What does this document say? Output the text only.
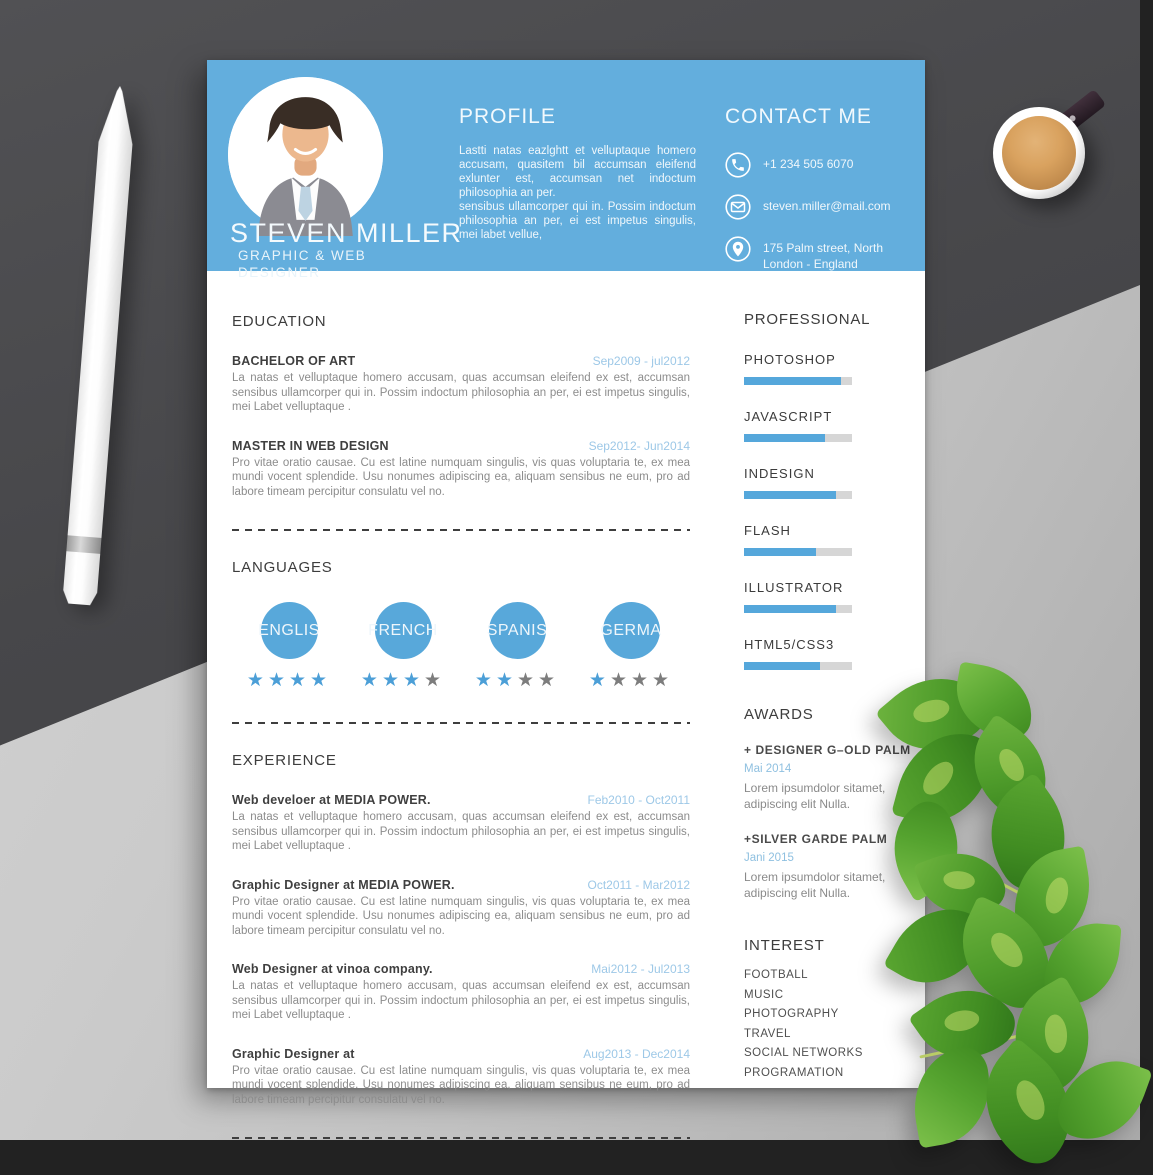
STEVEN MILLER
GRAPHIC & WEB
DESIGNER
PROFILE

Lastti natas eazlghtt et velluptaque homero accusam, quasitem bil accumsan eleifend exlunter est, accumsan net indoctum philosophia an per.

sensibus ullamcorper qui in. Possim indoctum philosophia an per, ei est impetus singulis, mei labet vellue,

CONTACT ME
+1 234 505 6070
steven.miller@mail.com
175 Palm street, North London - England
EDUCATION
BACHELOR OF ART	Sep2009 - jul2012
La natas et velluptaque homero accusam, quas accumsan eleifend ex est, accumsan sensibus ullamcorper qui in. Possim indoctum philosophia an per, ei est impetus singulis, mei Labet velluptaque .
MASTER IN WEB DESIGN	Sep2012- Jun2014
Pro vitae oratio causae. Cu est latine numquam singulis, vis quas voluptaria te, ex mea mundi vocent splendide. Usu nonumes adipiscing ea, aliquam sensibus ne eum, pro ad labore timeam percipitur consulatu vel no.
LANGUAGES
ENGLIS
★★★★
FRENCH
★★★★
SPANIS
★★★★
GERMA
★★★★
EXPERIENCE
Web develoer at MEDIA POWER.	Feb2010 - Oct2011
La natas et velluptaque homero accusam, quas accumsan eleifend ex est, accumsan sensibus ullamcorper qui in. Possim indoctum philosophia an per, ei est impetus singulis, mei Labet velluptaque .
Graphic Designer at MEDIA POWER.	Oct2011 - Mar2012
Pro vitae oratio causae. Cu est latine numquam singulis, vis quas voluptaria te, ex mea mundi vocent splendide. Usu nonumes adipiscing ea, aliquam sensibus ne eum, pro ad labore timeam percipitur consulatu vel no.
Web Designer at vinoa company.	Mai2012 - Jul2013
La natas et velluptaque homero accusam, quas accumsan eleifend ex est, accumsan sensibus ullamcorper qui in. Possim indoctum philosophia an per, ei est impetus singulis, mei Labet velluptaque .
Graphic Designer at	Aug2013 - Dec2014
Pro vitae oratio causae. Cu est latine numquam singulis, vis quas voluptaria te, ex mea mundi vocent splendide. Usu nonumes adipiscing ea, aliquam sensibus ne eum, pro ad labore timeam percipitur consulatu vel no.
PROFESSIONAL
PHOTOSHOP
JAVASCRIPT
INDESIGN
FLASH
ILLUSTRATOR
HTML5/CSS3
AWARDS
+ DESIGNER G–OLD PALM
Mai 2014
Lorem ipsumdolor sitamet, adipiscing elit Nulla.
+SILVER GARDE PALM
Jani 2015
Lorem ipsumdolor sitamet, adipiscing elit Nulla.
INTEREST
FOOTBALL
MUSIC
PHOTOGRAPHY
TRAVEL
SOCIAL NETWORKS
PROGRAMATION
